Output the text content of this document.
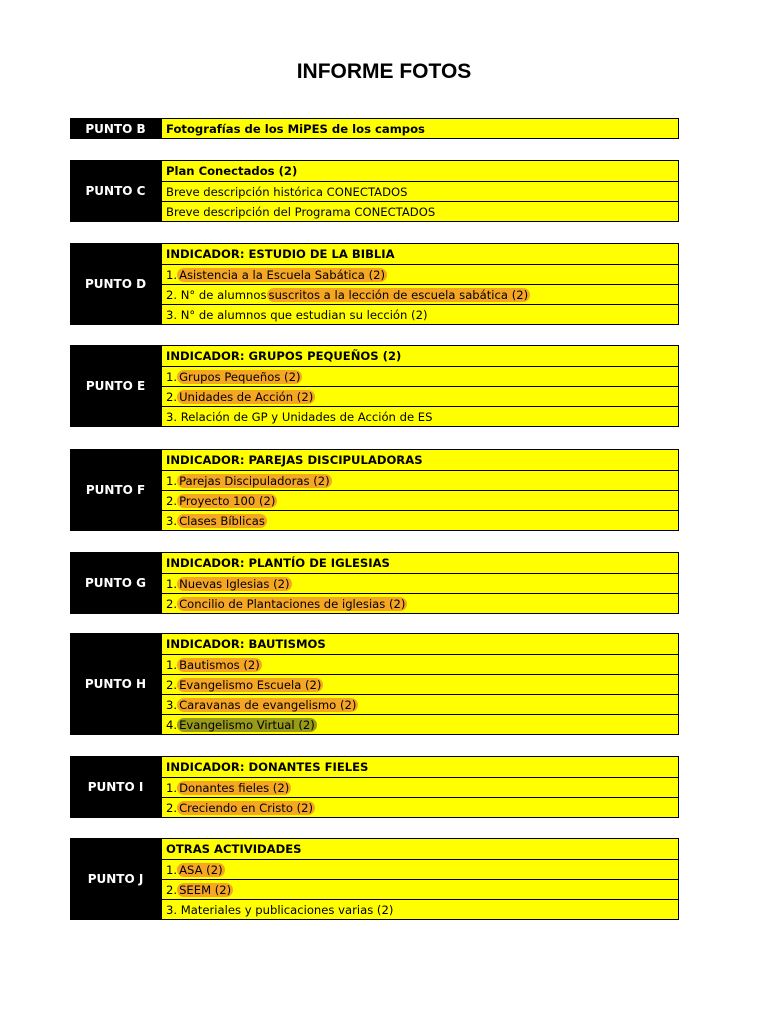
INFORME FOTOS
PUNTO B	Fotografías de los MiPES de los campos
PUNTO C
Plan Conectados (2)
Breve descripción histórica CONECTADOS
Breve descripción del Programa CONECTADOS
PUNTO D
INDICADOR: ESTUDIO DE LA BIBLIA
1. Asistencia a la Escuela Sabática (2)
2. N° de alumnos suscritos a la lección de escuela sabática (2)
3. N° de alumnos que estudian su lección (2)
PUNTO E
INDICADOR: GRUPOS PEQUEÑOS (2)
1. Grupos Pequeños (2)
2. Unidades de Acción (2)
3. Relación de GP y Unidades de Acción de ES
PUNTO F
INDICADOR: PAREJAS DISCIPULADORAS
1. Parejas Discipuladoras (2)
2. Proyecto 100 (2)
3. Clases Bíblicas
PUNTO G
INDICADOR: PLANTÍO DE IGLESIAS
1. Nuevas Iglesias (2)
2. Concilio de Plantaciones de iglesias (2)
PUNTO H
INDICADOR: BAUTISMOS
1. Bautismos (2)
2. Evangelismo Escuela (2)
3. Caravanas de evangelismo (2)
4. Evangelismo Virtual (2)
PUNTO I
INDICADOR: DONANTES FIELES
1. Donantes fieles (2)
2. Creciendo en Cristo (2)
PUNTO J
OTRAS ACTIVIDADES
1. ASA (2)
2. SEEM (2)
3. Materiales y publicaciones varias (2)
